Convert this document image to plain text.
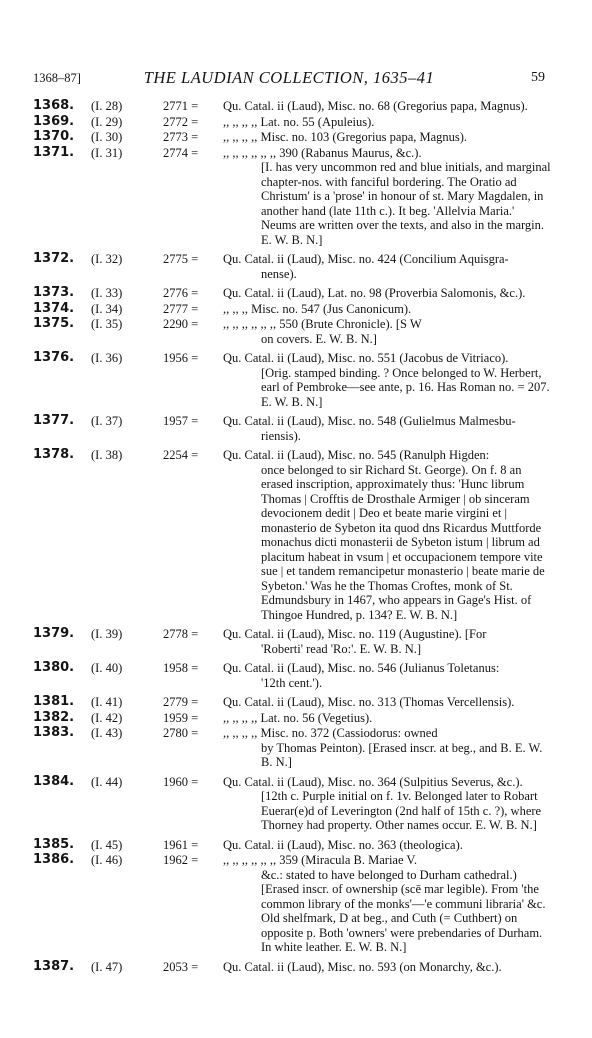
1368–87]	THE LAUDIAN COLLECTION, 1635–41	59
1368.	(I. 28)	2771 =	Qu. Catal. ii (Laud), Misc. no. 68 (Gregorius papa, Magnus).
1369.	(I. 29)	2772 =	,, ,, ,, ,, Lat. no. 55 (Apuleius).
1370.	(I. 30)	2773 =	,, ,, ,, ,, Misc. no. 103 (Gregorius papa, Magnus).
1371.	(I. 31)	2774 =	,, ,, ,, ,, ,, ,, 390 (Rabanus Maurus, &c.).
[I. has very uncommon red and blue initials, and marginal chapter-nos. with fanciful bordering. The Oratio ad Christum' is a 'prose' in honour of st. Mary Magdalen, in another hand (late 11th c.). It beg. 'Allelvia Maria.' Neums are written over the texts, and also in the margin. E. W. B. N.]
1372.	(I. 32)	2775 =	Qu. Catal. ii (Laud), Misc. no. 424 (Concilium Aquisgra-
nense).
1373.	(I. 33)	2776 =	Qu. Catal. ii (Laud), Lat. no. 98 (Proverbia Salomonis, &c.).
1374.	(I. 34)	2777 =	,, ,, ,, Misc. no. 547 (Jus Canonicum).
1375.	(I. 35)	2290 =	,, ,, ,, ,, ,, ,, 550 (Brute Chronicle). [S W
on covers. E. W. B. N.]
1376.	(I. 36)	1956 =	Qu. Catal. ii (Laud), Misc. no. 551 (Jacobus de Vitriaco).
[Orig. stamped binding. ? Once belonged to W. Herbert, earl of Pembroke—see ante, p. 16. Has Roman no. = 207. E. W. B. N.]
1377.	(I. 37)	1957 =	Qu. Catal. ii (Laud), Misc. no. 548 (Gulielmus Malmesbu-
riensis).
1378.	(I. 38)	2254 =	Qu. Catal. ii (Laud), Misc. no. 545 (Ranulph Higden:
once belonged to sir Richard St. George). On f. 8 an erased inscription, approximately thus: 'Hunc librum Thomas | Crofftis de Drosthale Armiger | ob sinceram devocionem dedit | Deo et beate marie virgini et | monasterio de Sybeton ita quod dns Ricardus Muttforde monachus dicti monasterii de Sybeton istum | librum ad placitum habeat in vsum | et occupacionem tempore vite sue | et tandem remancipetur monasterio | beate marie de Sybeton.' Was he the Thomas Croftes, monk of St. Edmundsbury in 1467, who appears in Gage's Hist. of Thingoe Hundred, p. 134? E. W. B. N.]
1379.	(I. 39)	2778 =	Qu. Catal. ii (Laud), Misc. no. 119 (Augustine). [For
'Roberti' read 'Ro:'. E. W. B. N.]
1380.	(I. 40)	1958 =	Qu. Catal. ii (Laud), Misc. no. 546 (Julianus Toletanus:
'12th cent.').
1381.	(I. 41)	2779 =	Qu. Catal. ii (Laud), Misc. no. 313 (Thomas Vercellensis).
1382.	(I. 42)	1959 =	,, ,, ,, ,, Lat. no. 56 (Vegetius).
1383.	(I. 43)	2780 =	,, ,, ,, ,, Misc. no. 372 (Cassiodorus: owned
by Thomas Peinton). [Erased inscr. at beg., and B. E. W. B. N.]
1384.	(I. 44)	1960 =	Qu. Catal. ii (Laud), Misc. no. 364 (Sulpitius Severus, &c.).
[12th c. Purple initial on f. 1v. Belonged later to Robart Euerar(e)d of Leverington (2nd half of 15th c. ?), where Thorney had property. Other names occur. E. W. B. N.]
1385.	(I. 45)	1961 =	Qu. Catal. ii (Laud), Misc. no. 363 (theologica).
1386.	(I. 46)	1962 =	,, ,, ,, ,, ,, ,, 359 (Miracula B. Mariae V.
&c.: stated to have belonged to Durham cathedral.) [Erased inscr. of ownership (scē mar legible). From 'the common library of the monks'—'e communi libraria' &c. Old shelfmark, D at beg., and Cuth (= Cuthbert) on opposite p. Both 'owners' were prebendaries of Durham. In white leather. E. W. B. N.]
1387.	(I. 47)	2053 =	Qu. Catal. ii (Laud), Misc. no. 593 (on Monarchy, &c.).
